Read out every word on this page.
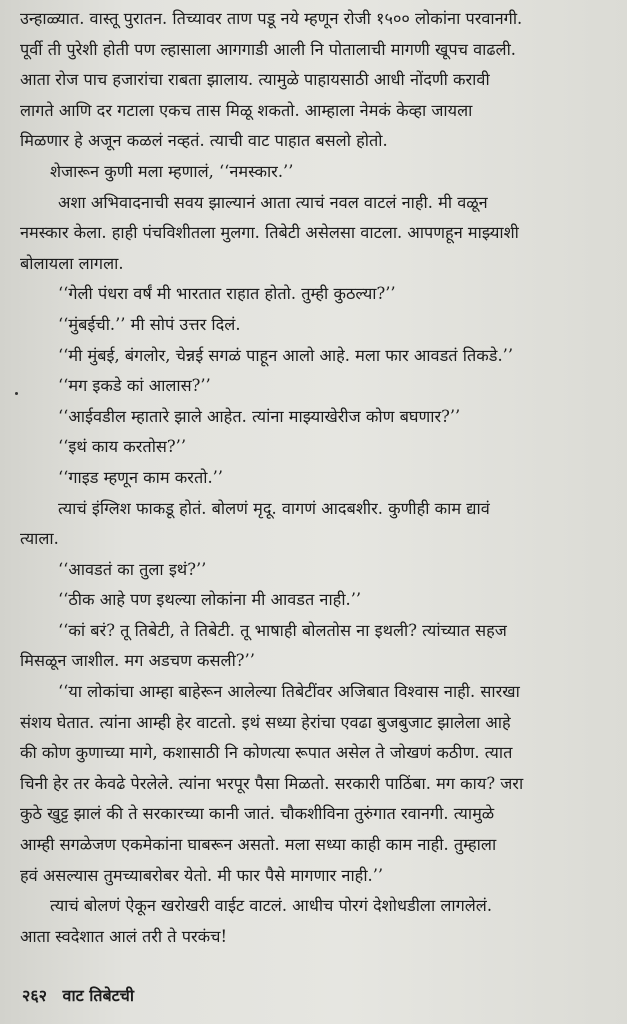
उन्हाळ्यात. वास्तू पुरातन. तिच्यावर ताण पडू नये म्हणून रोजी १५०० लोकांना परवानगी.
पूर्वी ती पुरेशी होती पण ल्हासाला आगगाडी आली नि पोतालाची मागणी खूपच वाढली.
आता रोज पाच हजारांचा राबता झालाय. त्यामुळे पाहायसाठी आधी नोंदणी करावी
लागते आणि दर गटाला एकच तास मिळू शकतो. आम्हाला नेमकं केव्हा जायला
मिळणार हे अजून कळलं नव्हतं. त्याची वाट पाहात बसलो होतो.
शेजारून कुणी मला म्हणालं, ‘‘नमस्कार.’’
अशा अभिवादनाची सवय झाल्यानं आता त्याचं नवल वाटलं नाही. मी वळून
नमस्कार केला. हाही पंचविशीतला मुलगा. तिबेटी असेलसा वाटला. आपणहून माझ्याशी
बोलायला लागला.
‘‘गेली पंधरा वर्षं मी भारतात राहात होतो. तुम्ही कुठल्या?’’
‘‘मुंबईची.’’ मी सोपं उत्तर दिलं.
‘‘मी मुंबई, बंगलोर, चेन्नई सगळं पाहून आलो आहे. मला फार आवडतं तिकडे.’’
‘‘मग इकडे कां आलास?’’
‘‘आईवडील म्हातारे झाले आहेत. त्यांना माझ्याखेरीज कोण बघणार?’’
‘‘इथं काय करतोस?’’
‘‘गाइड म्हणून काम करतो.’’
त्याचं इंग्लिश फाकडू होतं. बोलणं मृदू. वागणं आदबशीर. कुणीही काम द्यावं
त्याला.
‘‘आवडतं का तुला इथं?’’
‘‘ठीक आहे पण इथल्या लोकांना मी आवडत नाही.’’
‘‘कां बरं? तू तिबेटी, ते तिबेटी. तू भाषाही बोलतोस ना इथली? त्यांच्यात सहज
मिसळून जाशील. मग अडचण कसली?’’
‘‘या लोकांचा आम्हा बाहेरून आलेल्या तिबेटींवर अजिबात विश्वास नाही. सारखा
संशय घेतात. त्यांना आम्ही हेर वाटतो. इथं सध्या हेरांचा एवढा बुजबुजाट झालेला आहे
की कोण कुणाच्या मागे, कशासाठी नि कोणत्या रूपात असेल ते जोखणं कठीण. त्यात
चिनी हेर तर केवढे पेरलेले. त्यांना भरपूर पैसा मिळतो. सरकारी पाठिंबा. मग काय? जरा
कुठे खुट्ट झालं की ते सरकारच्या कानी जातं. चौकशीविना तुरुंगात रवानगी. त्यामुळे
आम्ही सगळेजण एकमेकांना घाबरून असतो. मला सध्या काही काम नाही. तुम्हाला
हवं असल्यास तुमच्याबरोबर येतो. मी फार पैसे मागणार नाही.’’
त्याचं बोलणं ऐकून खरोखरी वाईट वाटलं. आधीच पोरगं देशोधडीला लागलेलं.
आता स्वदेशात आलं तरी ते परकंच!
२६२ वाट तिबेटची
